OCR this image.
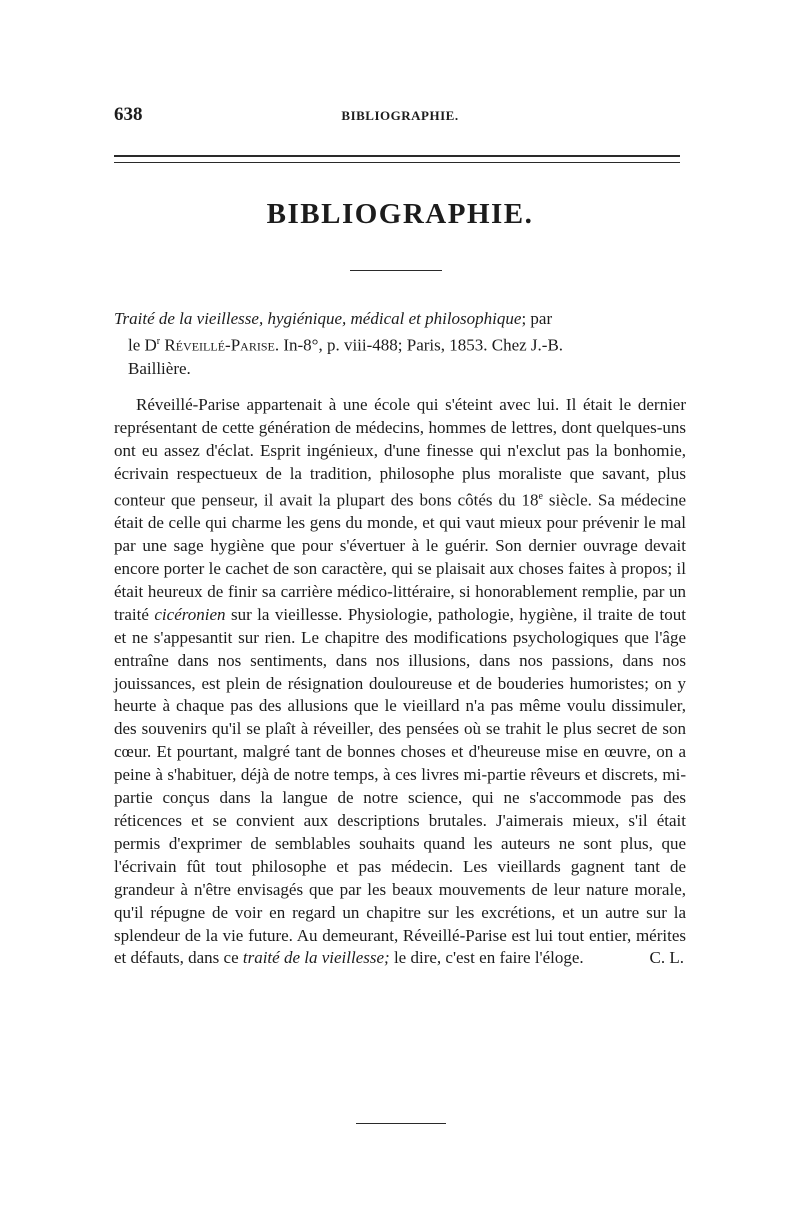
638	BIBLIOGRAPHIE.
BIBLIOGRAPHIE.
Traité de la vieillesse, hygiénique, médical et philosophique; par
le $D^r$ Réveillé-Parise. In-8°, p. viii-488; Paris, 1853. Chez J.-B.
Baillière.
Réveillé-Parise appartenait à une école qui s'éteint avec lui. Il était le dernier représentant de cette génération de médecins, hommes de lettres, dont quelques-uns ont eu assez d'éclat. Esprit ingénieux, d'une finesse qui n'exclut pas la bonhomie, écrivain respectueux de la tradition, philosophe plus moraliste que savant, plus conteur que penseur, il avait la plupart des bons côtés du 18e siècle. Sa médecine était de celle qui charme les gens du monde, et qui vaut mieux pour prévenir le mal par une sage hygiène que pour s'évertuer à le guérir. Son dernier ouvrage devait encore porter le cachet de son caractère, qui se plaisait aux choses faites à propos; il était heureux de finir sa carrière médico-littéraire, si honorablement remplie, par un traité cicéronien sur la vieillesse. Physiologie, pathologie, hygiène, il traite de tout et ne s'appesantit sur rien. Le chapitre des modifications psychologiques que l'âge entraîne dans nos sentiments, dans nos illusions, dans nos passions, dans nos jouissances, est plein de résignation douloureuse et de bouderies humoristes; on y heurte à chaque pas des allusions que le vieillard n'a pas même voulu dissimuler, des souvenirs qu'il se plaît à réveiller, des pensées où se trahit le plus secret de son cœur. Et pourtant, malgré tant de bonnes choses et d'heureuse mise en œuvre, on a peine à s'habituer, déjà de notre temps, à ces livres mi-partie rêveurs et discrets, mi-partie conçus dans la langue de notre science, qui ne s'accommode pas des réticences et se convient aux descriptions brutales. J'aimerais mieux, s'il était permis d'exprimer de semblables souhaits quand les auteurs ne sont plus, que l'écrivain fût tout philosophe et pas médecin. Les vieillards gagnent tant de grandeur à n'être envisagés que par les beaux mouvements de leur nature morale, qu'il répugne de voir en regard un chapitre sur les excrétions, et un autre sur la splendeur de la vie future. Au demeurant, Réveillé-Parise est lui tout entier, mérites et défauts, dans ce traité de la vieillesse; le dire, c'est en faire l'éloge.	C. L.
